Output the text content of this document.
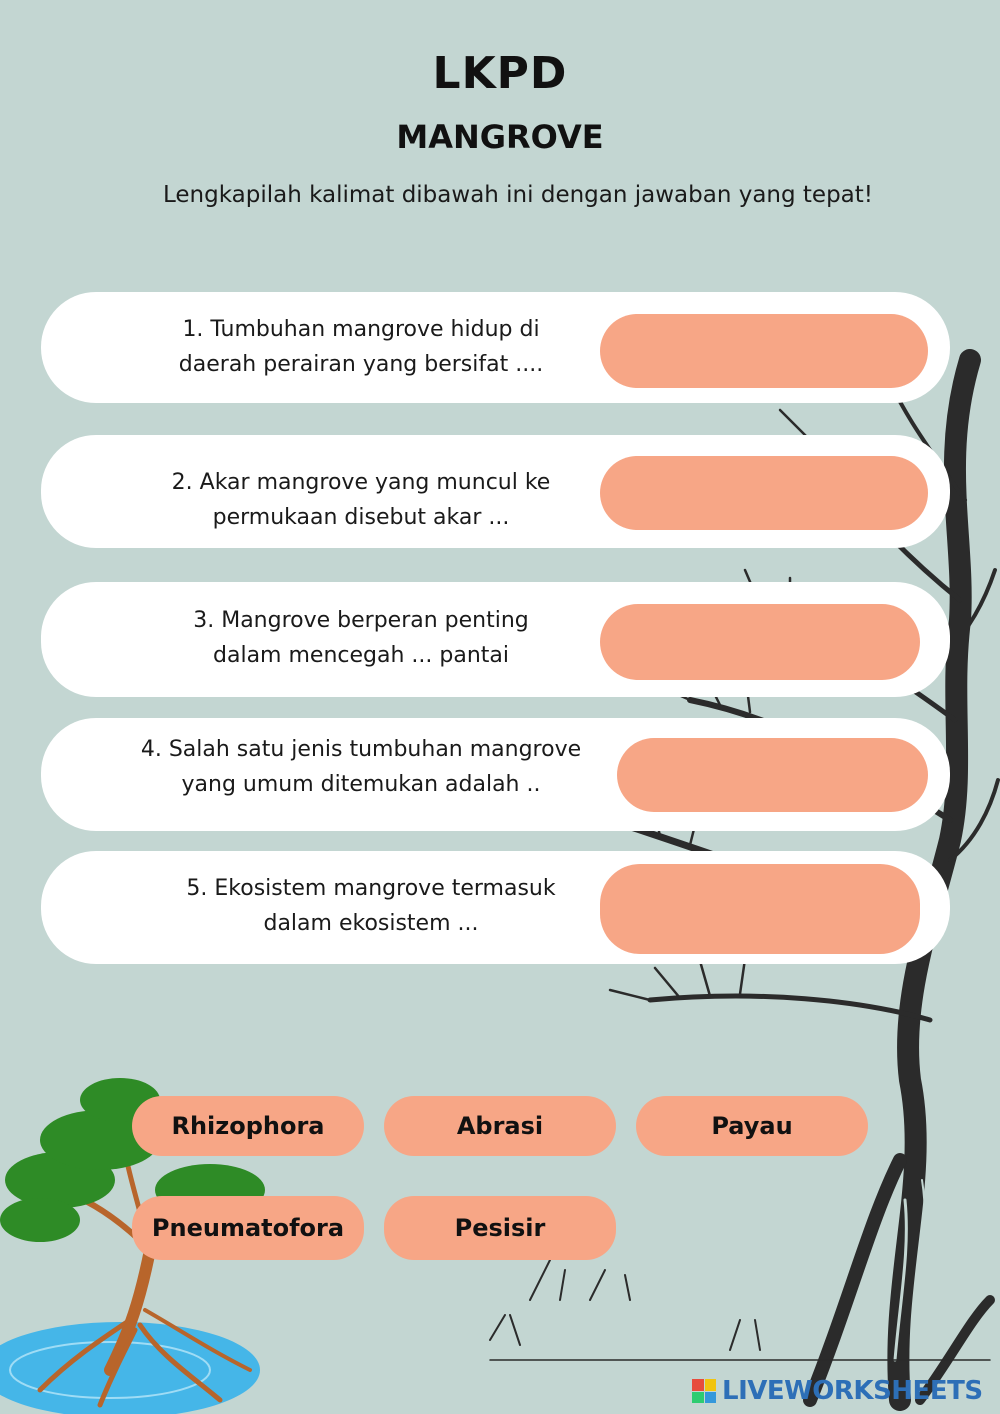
LKPD
MANGROVE
Lengkapilah kalimat dibawah ini dengan jawaban yang tepat!
1. Tumbuhan mangrove hidup di
daerah perairan yang bersifat ....
2. Akar mangrove yang muncul ke
permukaan disebut akar ...
3. Mangrove berperan penting
dalam mencegah ... pantai
4. Salah satu jenis tumbuhan mangrove
yang umum ditemukan adalah ..
5. Ekosistem mangrove termasuk
dalam ekosistem ...
Rhizophora	Abrasi	Payau
Pneumatofora	Pesisir
LIVEWORKSHEETS
